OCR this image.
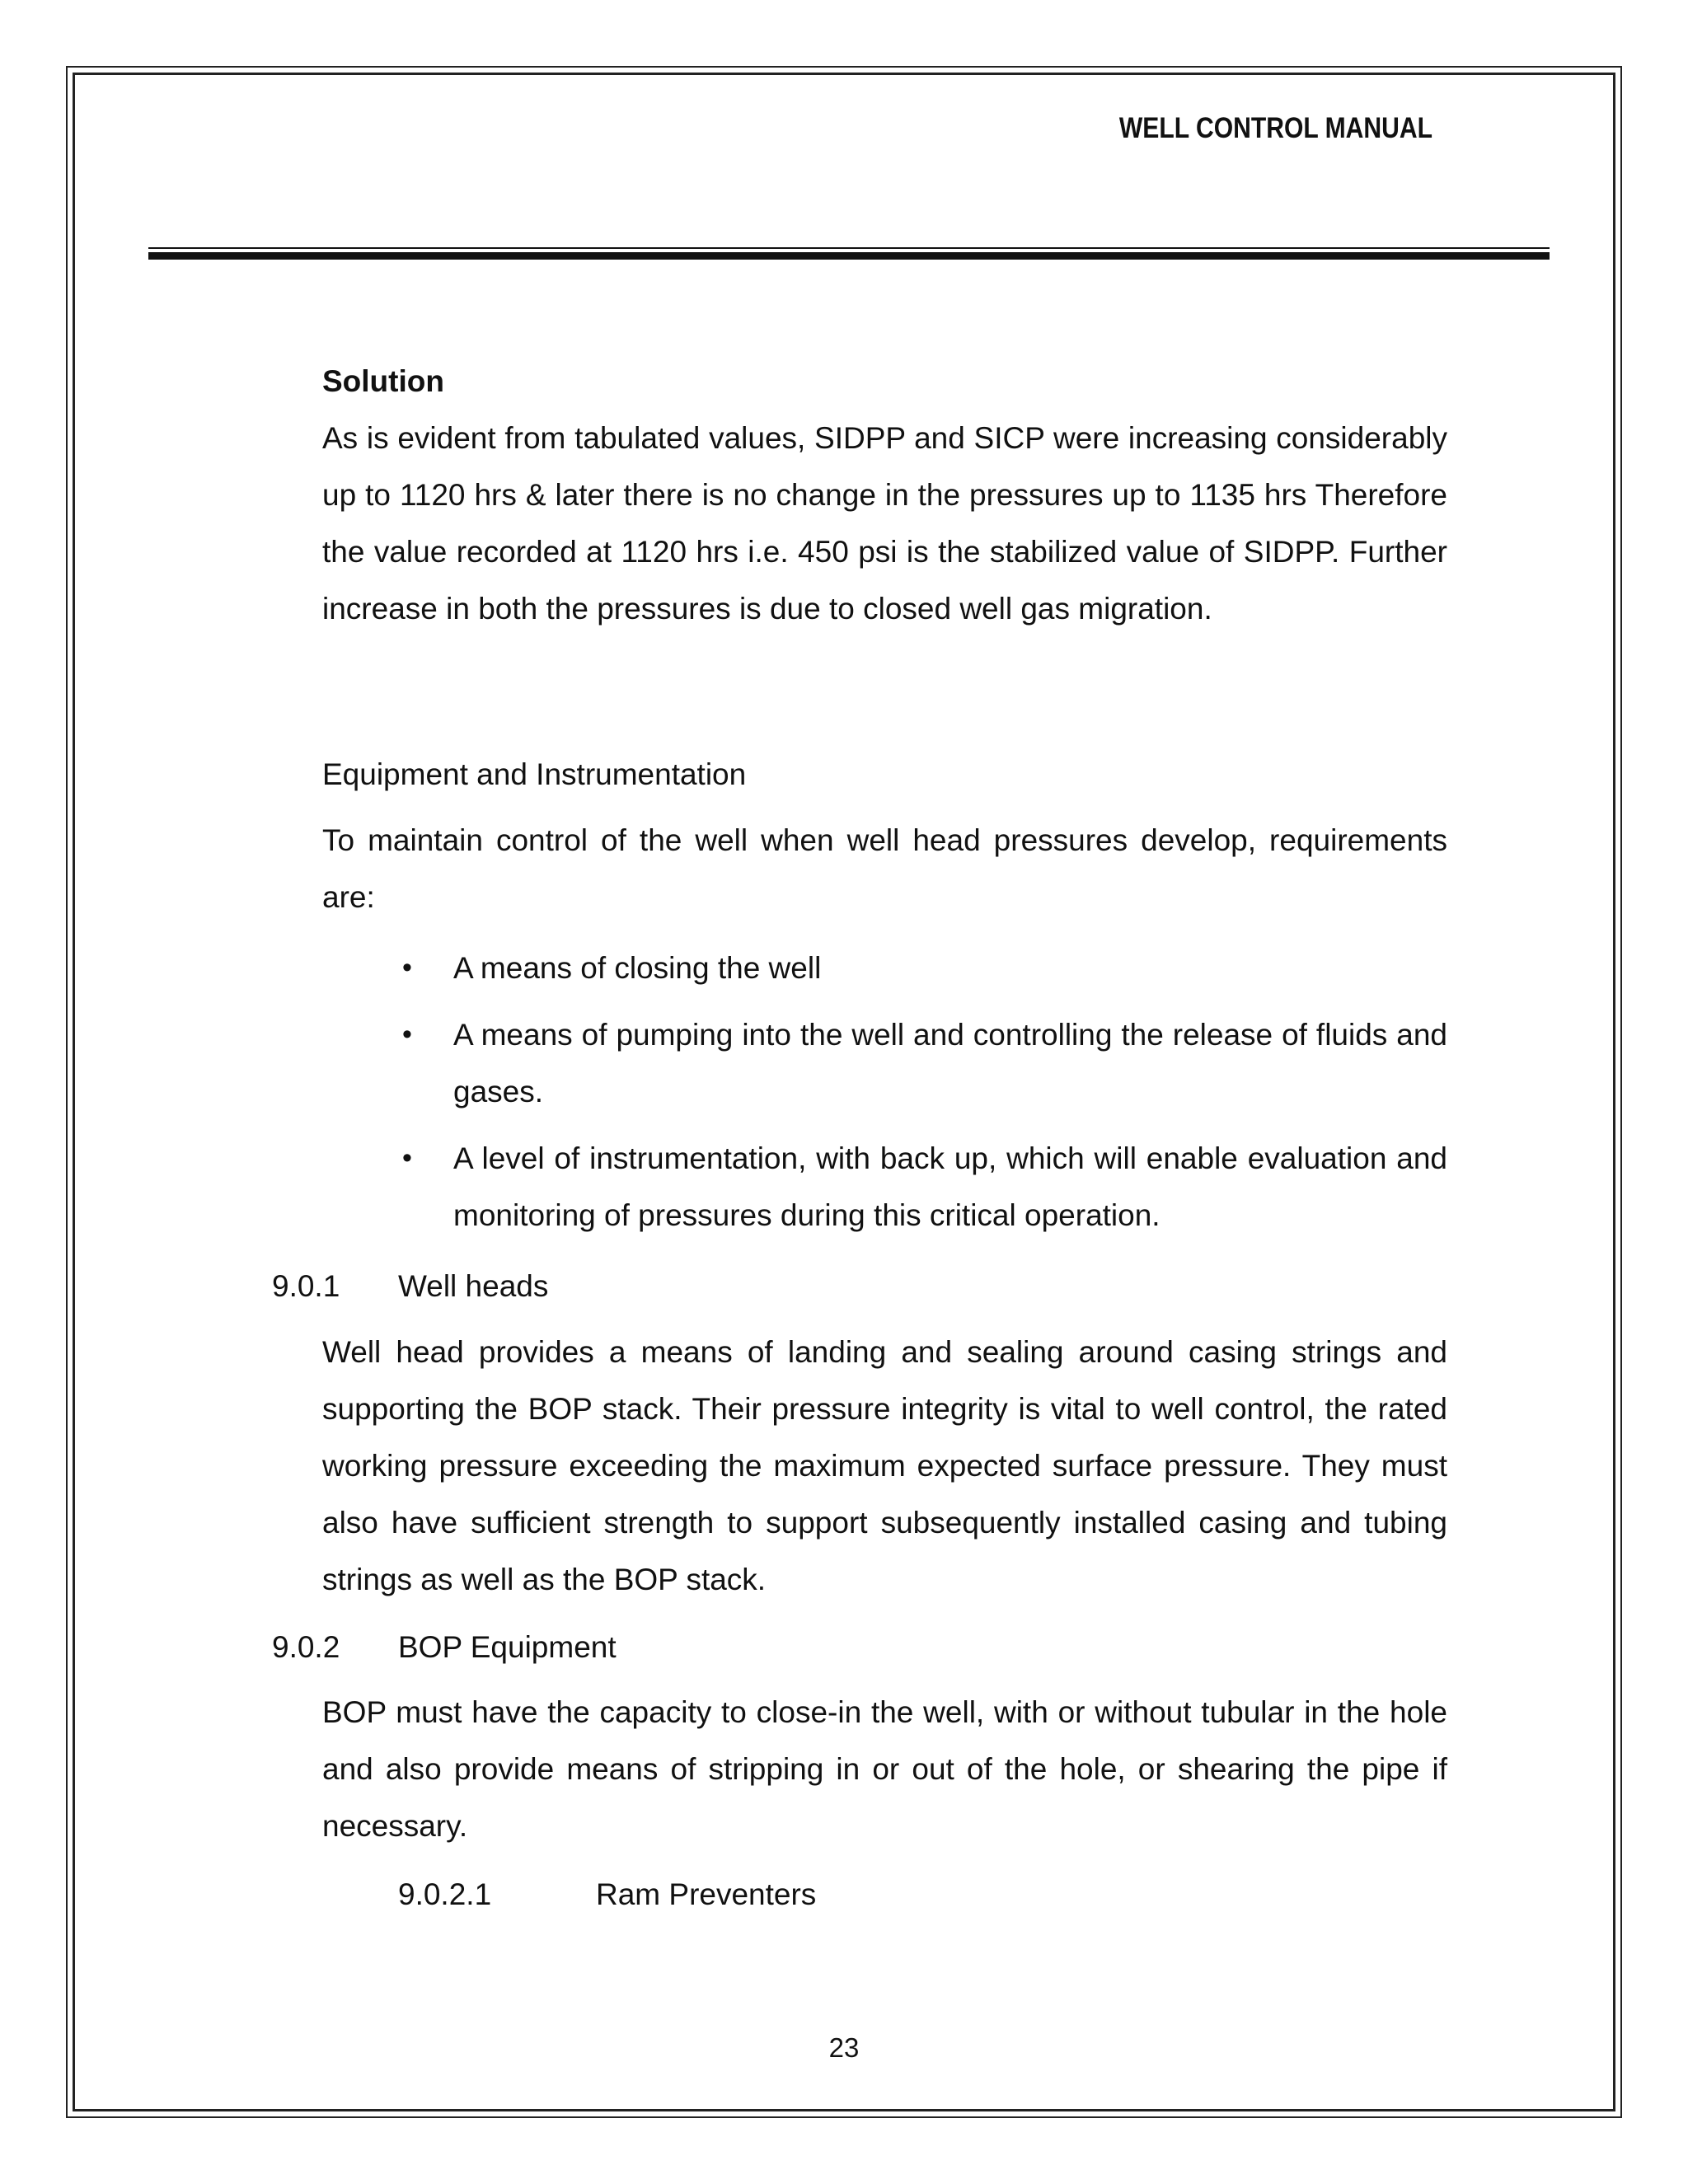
WELL CONTROL MANUAL
Solution

As is evident from tabulated values, SIDPP and SICP were increasing considerably up to 1120 hrs & later there is no change in the pressures up to 1135 hrs Therefore the value recorded at 1120 hrs i.e. 450 psi is the stabilized value of SIDPP. Further increase in both the pressures is due to closed well gas migration.

Equipment and Instrumentation

To maintain control of the well when well head pressures develop, requirements are:

• A means of closing the well
• A means of pumping into the well and controlling the release of fluids and gases.
• A level of instrumentation, with back up, which will enable evaluation and monitoring of pressures during this critical operation.
9.0.1 Well heads

Well head provides a means of landing and sealing around casing strings and supporting the BOP stack. Their pressure integrity is vital to well control, the rated working pressure exceeding the maximum expected surface pressure. They must also have sufficient strength to support subsequently installed casing and tubing strings as well as the BOP stack.

9.0.2 BOP Equipment

BOP must have the capacity to close-in the well, with or without tubular in the hole and also provide means of stripping in or out of the hole, or shearing the pipe if necessary.

9.0.2.1	Ram Preventers
23
